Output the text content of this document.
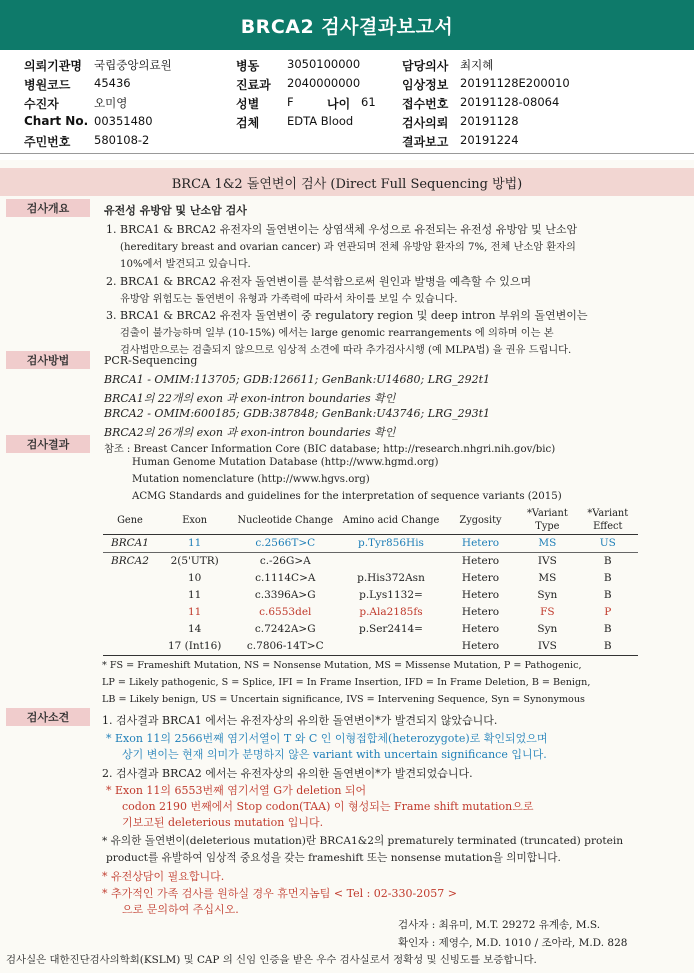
BRCA2 검사결과보고서
의뢰기관명 국립중앙의료원
병원코드 45436
수진자	오미영
Chart No. 00351480
주민번호 580108-2
병동 3050100000
진료과 2040000000
성별 F	나이 61
검체 EDTA Blood
담당의사 최지혜
임상정보 20191128E200010
접수번호 20191128-08064
검사의뢰 20191128
결과보고 20191224
BRCA 1&2 돌연변이 검사 (Direct Full Sequencing 방법)
검사개요	유전성 유방암 및 난소암 검사
1. BRCA1 & BRCA2 유전자의 돌연변이는 상염색체 우성으로 유전되는 유전성 유방암 및 난소암
(hereditary breast and ovarian cancer) 과 연관되며 전체 유방암 환자의 7%, 전체 난소암 환자의
10%에서 발견되고 있습니다.
2. BRCA1 & BRCA2 유전자 돌연변이를 분석함으로써 원인과 발병을 예측할 수 있으며
유방암 위험도는 돌연변이 유형과 가족력에 따라서 차이를 보일 수 있습니다.
3. BRCA1 & BRCA2 유전자 돌연변이 중 regulatory region 및 deep intron 부위의 돌연변이는
검출이 불가능하며 일부 (10-15%) 에서는 large genomic rearrangements 에 의하며 이는 본
검사법만으로는 검출되지 않으므로 임상적 소견에 따라 추가검사시행 (예 MLPA법) 을 권유 드립니다.
검사방법	PCR-Sequencing
BRCA1 - OMIM:113705; GDB:126611; GenBank:U14680; LRG_292t1
BRCA1의 22개의 exon 과 exon-intron boundaries 확인
BRCA2 - OMIM:600185; GDB:387848; GenBank:U43746; LRG_293t1
BRCA2의 26개의 exon 과 exon-intron boundaries 확인
검사결과	참조 : Breast Cancer Information Core (BIC database; http://research.nhgri.nih.gov/bic)
Human Genome Mutation Database (http://www.hgmd.org)
Mutation nomenclature (http://www.hgvs.org)
ACMG Standards and guidelines for the interpretation of sequence variants (2015)
Gene	Exon	Nucleotide Change	Amino acid Change	Zygosity	*Variant Type	*Variant Effect
BRCA1	11	c.2566T>C	p.Tyr856His	Hetero	MS	US
BRCA2	2(5'UTR)	c.-26G>A		Hetero	IVS	B
	10	c.1114C>A	p.His372Asn	Hetero	MS	B
	11	c.3396A>G	p.Lys1132=	Hetero	Syn	B
	11	c.6553del	p.Ala2185fs	Hetero	FS	P
	14	c.7242A>G	p.Ser2414=	Hetero	Syn	B
	17 (Int16)	c.7806-14T>C		Hetero	IVS	B
* FS = Frameshift Mutation, NS = Nonsense Mutation, MS = Missense Mutation, P = Pathogenic,
LP = Likely pathogenic, S = Splice, IFI = In Frame Insertion, IFD = In Frame Deletion, B = Benign,
LB = Likely benign, US = Uncertain significance, IVS = Intervening Sequence, Syn = Synonymous
검사소견	1. 검사결과 BRCA1 에서는 유전자상의 유의한 돌연변이*가 발견되지 않았습니다.
* Exon 11의 2566번째 염기서열이 T 와 C 인 이형접합체(heterozygote)로 확인되었으며
상기 변이는 현재 의미가 분명하지 않은 variant with uncertain significance 입니다.
2. 검사결과 BRCA2 에서는 유전자상의 유의한 돌연변이*가 발견되었습니다.
* Exon 11의 6553번째 염기서열 G가 deletion 되어
codon 2190 번째에서 Stop codon(TAA) 이 형성되는 Frame shift mutation으로
기보고된 deleterious mutation 입니다.
* 유의한 돌연변이(deleterious mutation)란 BRCA1&2의 prematurely terminated (truncated) protein
product를 유발하여 임상적 중요성을 갖는 frameshift 또는 nonsense mutation을 의미합니다.
* 유전상담이 필요합니다.
* 추가적인 가족 검사를 원하실 경우 휴먼지놈팀 < Tel : 02-330-2057 >
으로 문의하여 주십시오.
검사자 : 최유미, M.T. 29272 유계송, M.S.
확인자 : 제영수, M.D. 1010 / 조아라, M.D. 828
검사실은 대한진단검사의학회(KSLM) 및 CAP 의 신임 인증을 받은 우수 검사실로서 정확성 및 신빙도를 보증합니다.
